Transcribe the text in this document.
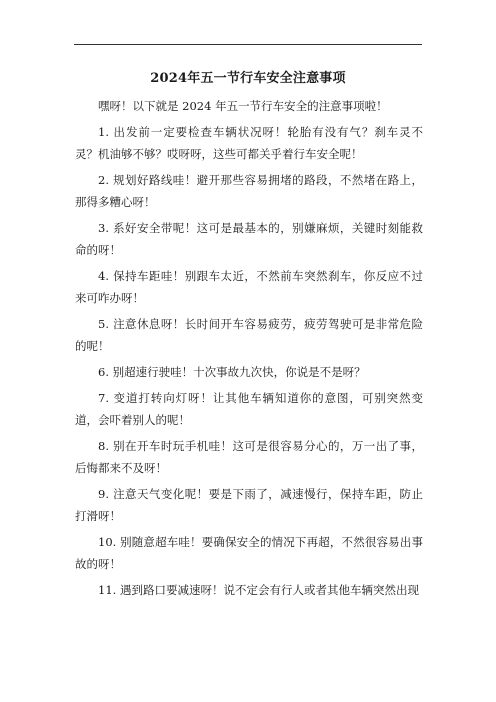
2024年五一节行车安全注意事项

嘿呀！以下就是 2024 年五一节行车安全的注意事项啦！

1. 出发前一定要检查车辆状况呀！轮胎有没有气？刹车灵不灵？机油够不够？哎呀呀，这些可都关乎着行车安全呢！

2. 规划好路线哇！避开那些容易拥堵的路段，不然堵在路上，那得多糟心呀！

3. 系好安全带呢！这可是最基本的，别嫌麻烦，关键时刻能救命的呀！

4. 保持车距哇！别跟车太近，不然前车突然刹车，你反应不过来可咋办呀！

5. 注意休息呀！长时间开车容易疲劳，疲劳驾驶可是非常危险的呢！

6. 别超速行驶哇！十次事故九次快，你说是不是呀？

7. 变道打转向灯呀！让其他车辆知道你的意图，可别突然变道，会吓着别人的呢！

8. 别在开车时玩手机哇！这可是很容易分心的，万一出了事，后悔都来不及呀！

9. 注意天气变化呢！要是下雨了，减速慢行，保持车距，防止打滑呀！

10. 别随意超车哇！要确保安全的情况下再超，不然很容易出事故的呀！

11. 遇到路口要减速呀！说不定会有行人或者其他车辆突然出现
